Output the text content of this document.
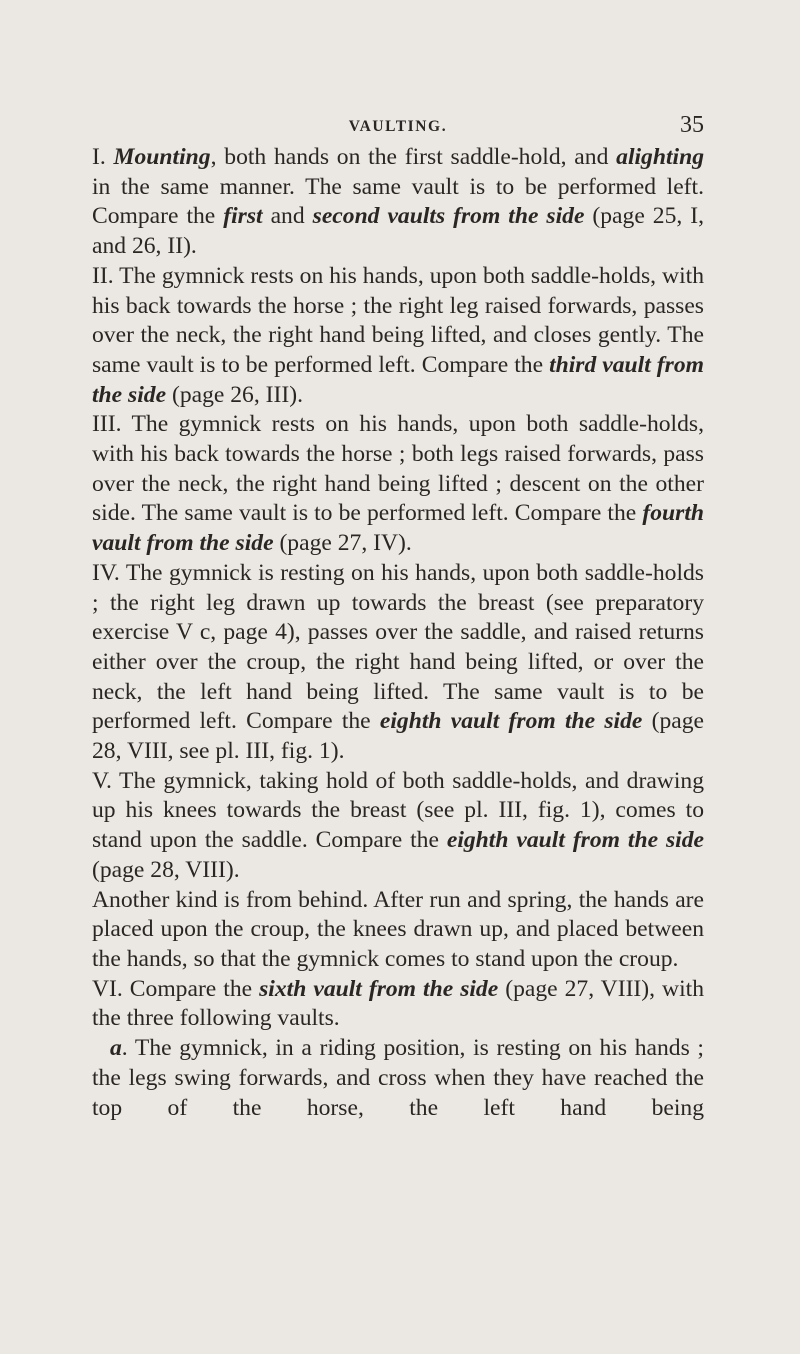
VAULTING.	35

I. Mounting, both hands on the first saddle-hold, and alighting in the same manner. The same vault is to be performed left. Compare the first and second vaults from the side (page 25, I, and 26, II).

II. The gymnick rests on his hands, upon both saddle-holds, with his back towards the horse ; the right leg raised forwards, passes over the neck, the right hand being lifted, and closes gently. The same vault is to be performed left. Compare the third vault from the side (page 26, III).

III. The gymnick rests on his hands, upon both saddle-holds, with his back towards the horse ; both legs raised forwards, pass over the neck, the right hand being lifted ; descent on the other side. The same vault is to be performed left. Compare the fourth vault from the side (page 27, IV).

IV. The gymnick is resting on his hands, upon both saddle-holds ; the right leg drawn up towards the breast (see preparatory exercise V c, page 4), passes over the saddle, and raised returns either over the croup, the right hand being lifted, or over the neck, the left hand being lifted. The same vault is to be performed left. Compare the eighth vault from the side (page 28, VIII, see pl. III, fig. 1).

V. The gymnick, taking hold of both saddle-holds, and drawing up his knees towards the breast (see pl. III, fig. 1), comes to stand upon the saddle. Compare the eighth vault from the side (page 28, VIII).

Another kind is from behind. After run and spring, the hands are placed upon the croup, the knees drawn up, and placed between the hands, so that the gymnick comes to stand upon the croup.

VI. Compare the sixth vault from the side (page 27, VIII), with the three following vaults.

a. The gymnick, in a riding position, is resting on his hands ; the legs swing forwards, and cross when they have reached the top of the horse, the left hand being
